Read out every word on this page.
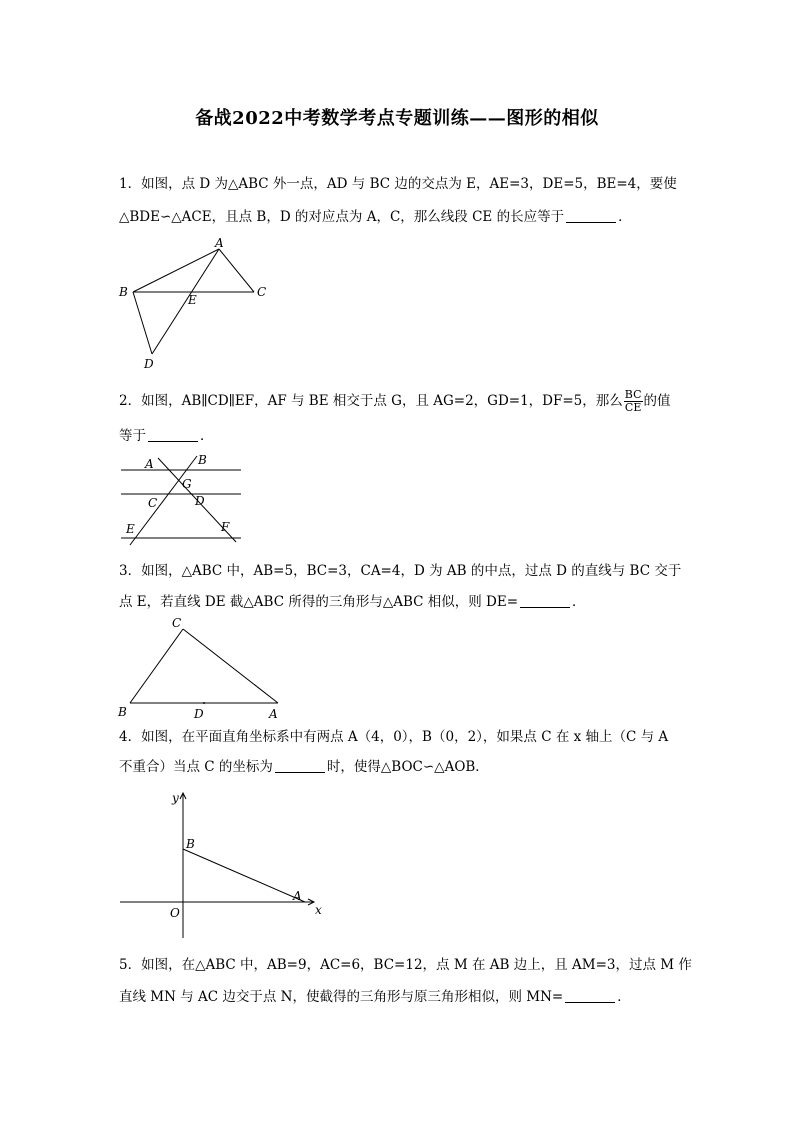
备战2022中考数学考点专题训练——图形的相似
1．如图，点 D 为△ABC 外一点，AD 与 BC 边的交点为 E，AE=3，DE=5，BE=4，要使
△BDE∽△ACE，且点 B，D 的对应点为 A，C，那么线段 CE 的长应等于	．
A
B	C
E
D
2．如图，AB∥CD∥EF，AF 与 BE 相交于点 G，且 AG=2，GD=1，DF=5，那么 $\frac{BC}{CE}$ 的值
等于	．
A	B
G
C	D
E	F
3．如图，△ABC 中，AB=5，BC=3，CA=4，D 为 AB 的中点，过点 D 的直线与 BC 交于
点 E，若直线 DE 截△ABC 所得的三角形与△ABC 相似，则 DE=	．
C
B	D	A
4．如图，在平面直角坐标系中有两点 A（4，0），B（0，2），如果点 C 在 x 轴上（C 与 A
不重合）当点 C 的坐标为	时，使得△BOC∽△AOB．
y
B
A
x
O
5．如图，在△ABC 中，AB=9，AC=6，BC=12，点 M 在 AB 边上，且 AM=3，过点 M 作
直线 MN 与 AC 边交于点 N，使截得的三角形与原三角形相似，则 MN=	．
